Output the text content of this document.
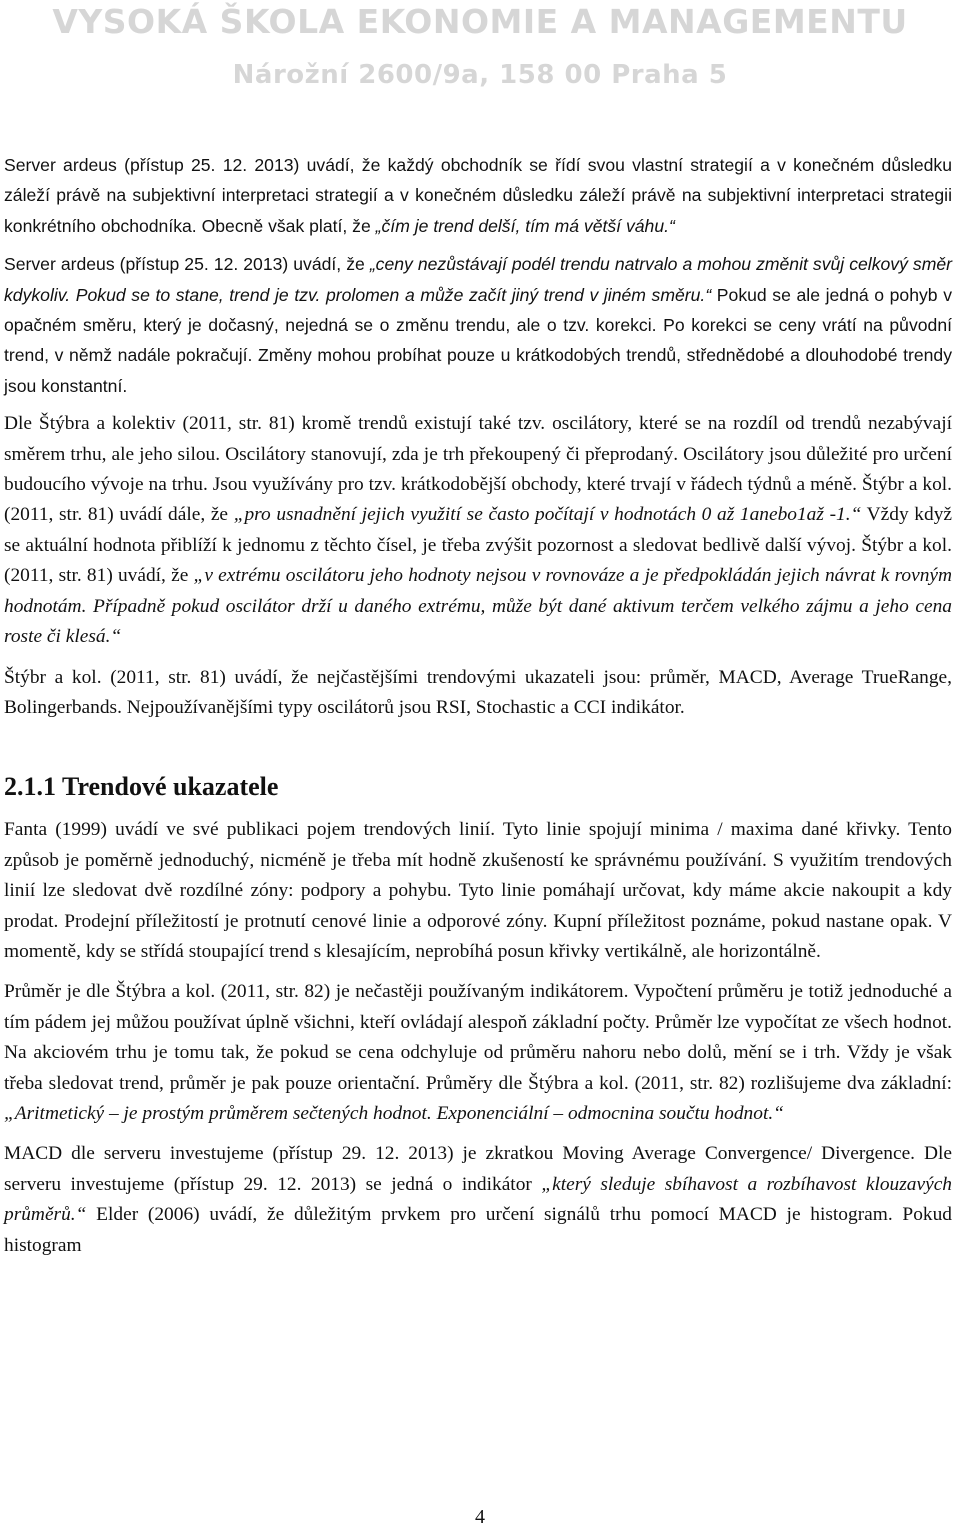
VYSOKÁ ŠKOLA EKONOMIE A MANAGEMENTU
Nárožní 2600/9a, 158 00 Praha 5

Server ardeus (přístup 25. 12. 2013) uvádí, že každý obchodník se řídí svou vlastní strategií a v konečném důsledku záleží právě na subjektivní interpretaci strategií a v konečném důsledku záleží právě na subjektivní interpretaci strategii konkrétního obchodníka. Obecně však platí, že „čím je trend delší, tím má větší váhu.“

Server ardeus (přístup 25. 12. 2013) uvádí, že „ceny nezůstávají podél trendu natrvalo a mohou změnit svůj celkový směr kdykoliv. Pokud se to stane, trend je tzv. prolomen a může začít jiný trend v jiném směru.“ Pokud se ale jedná o pohyb v opačném směru, který je dočasný, nejedná se o změnu trendu, ale o tzv. korekci. Po korekci se ceny vrátí na původní trend, v němž nadále pokračují. Změny mohou probíhat pouze u krátkodobých trendů, střednědobé a dlouhodobé trendy jsou konstantní.

Dle Štýbra a kolektiv (2011, str. 81) kromě trendů existují také tzv. oscilátory, které se na rozdíl od trendů nezabývají směrem trhu, ale jeho silou. Oscilátory stanovují, zda je trh překoupený či přeprodaný. Oscilátory jsou důležité pro určení budoucího vývoje na trhu. Jsou využívány pro tzv. krátkodobější obchody, které trvají v řádech týdnů a méně. Štýbr a kol. (2011, str. 81) uvádí dále, že „pro usnadnění jejich využití se často počítají v hodnotách 0 až 1anebo1až -1.“ Vždy když se aktuální hodnota přiblíží k jednomu z těchto čísel, je třeba zvýšit pozornost a sledovat bedlivě další vývoj. Štýbr a kol. (2011, str. 81) uvádí, že „v extrému oscilátoru jeho hodnoty nejsou v rovnováze a je předpokládán jejich návrat k rovným hodnotám. Případně pokud oscilátor drží u daného extrému, může být dané aktivum terčem velkého zájmu a jeho cena roste či klesá.“

Štýbr a kol. (2011, str. 81) uvádí, že nejčastějšími trendovými ukazateli jsou: průměr, MACD, Average TrueRange, Bolingerbands. Nejpoužívanějšími typy oscilátorů jsou RSI, Stochastic a CCI indikátor.

2.1.1 Trendové ukazatele

Fanta (1999) uvádí ve své publikaci pojem trendových linií. Tyto linie spojují minima / maxima dané křivky. Tento způsob je poměrně jednoduchý, nicméně je třeba mít hodně zkušeností ke správnému používání. S využitím trendových linií lze sledovat dvě rozdílné zóny: podpory a pohybu. Tyto linie pomáhají určovat, kdy máme akcie nakoupit a kdy prodat. Prodejní příležitostí je protnutí cenové linie a odporové zóny. Kupní příležitost poznáme, pokud nastane opak. V momentě, kdy se střídá stoupající trend s klesajícím, neprobíhá posun křivky vertikálně, ale horizontálně.

Průměr je dle Štýbra a kol. (2011, str. 82) je nečastěji používaným indikátorem. Vypočtení průměru je totiž jednoduché a tím pádem jej můžou používat úplně všichni, kteří ovládají alespoň základní počty. Průměr lze vypočítat ze všech hodnot. Na akciovém trhu je tomu tak, že pokud se cena odchyluje od průměru nahoru nebo dolů, mění se i trh. Vždy je však třeba sledovat trend, průměr je pak pouze orientační. Průměry dle Štýbra a kol. (2011, str. 82) rozlišujeme dva základní: „Aritmetický – je prostým průměrem sečtených hodnot. Exponenciální – odmocnina součtu hodnot.“

MACD dle serveru investujeme (přístup 29. 12. 2013) je zkratkou Moving Average Convergence/ Divergence. Dle serveru investujeme (přístup 29. 12. 2013) se jedná o indikátor „který sleduje sbíhavost a rozbíhavost klouzavých průměrů.“ Elder (2006) uvádí, že důležitým prvkem pro určení signálů trhu pomocí MACD je histogram. Pokud histogram

4
